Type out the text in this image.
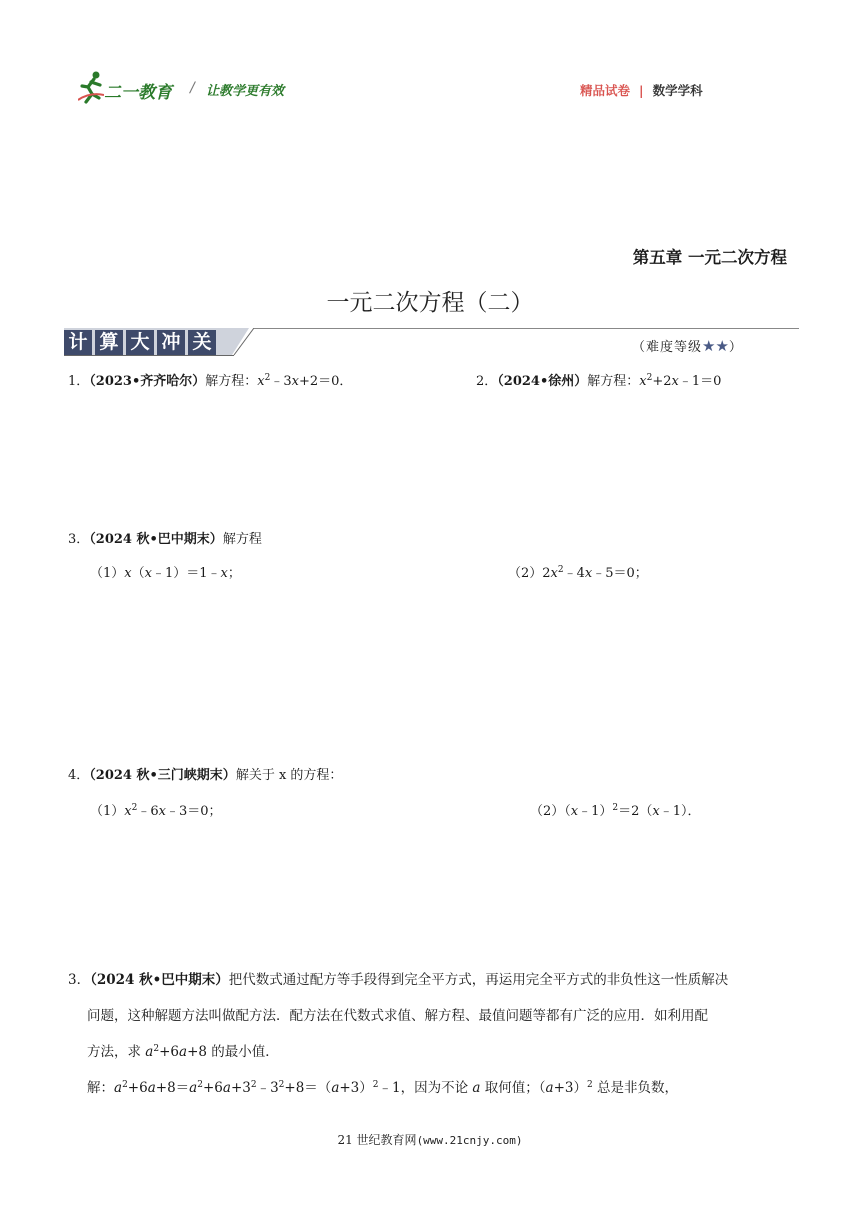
二一教育 / 让教学更有效	精品试卷 | 数学学科
第五章 一元二次方程
一元二次方程（二）
计 算 大 冲 关	（难度等级★★）
1．（2023•齐齐哈尔）解方程：$x^2﹣3x+2=0$．	2．（2024•徐州）解方程：$x^2+2x﹣1=0$
3．（2024 秋•巴中期末）解方程
（1）x（x﹣1）＝1﹣x；	$(2)2x^2﹣4x﹣5=0$；
4．（2024 秋•三门峡期末）解关于 x 的方程：
$(1)x^2﹣6x﹣3=0$；	（2）（x﹣1）$^2$＝2（x﹣1）．
3．（2024 秋•巴中期末）把代数式通过配方等手段得到完全平方式，再运用完全平方式的非负性这一性质解决
问题，这种解题方法叫做配方法．配方法在代数式求值、解方程、最值问题等都有广泛的应用．如利用配
方法，求 $a^2+6a+8$ 的最小值．
解：$a^2+6a+8=a^2+6a+3^2﹣3^2+8=(a+3)^2﹣1$，因为不论 a 取何值；$(a+3)^2$ 总是非负数，
21 世纪教育网(www.21cnjy.com)
